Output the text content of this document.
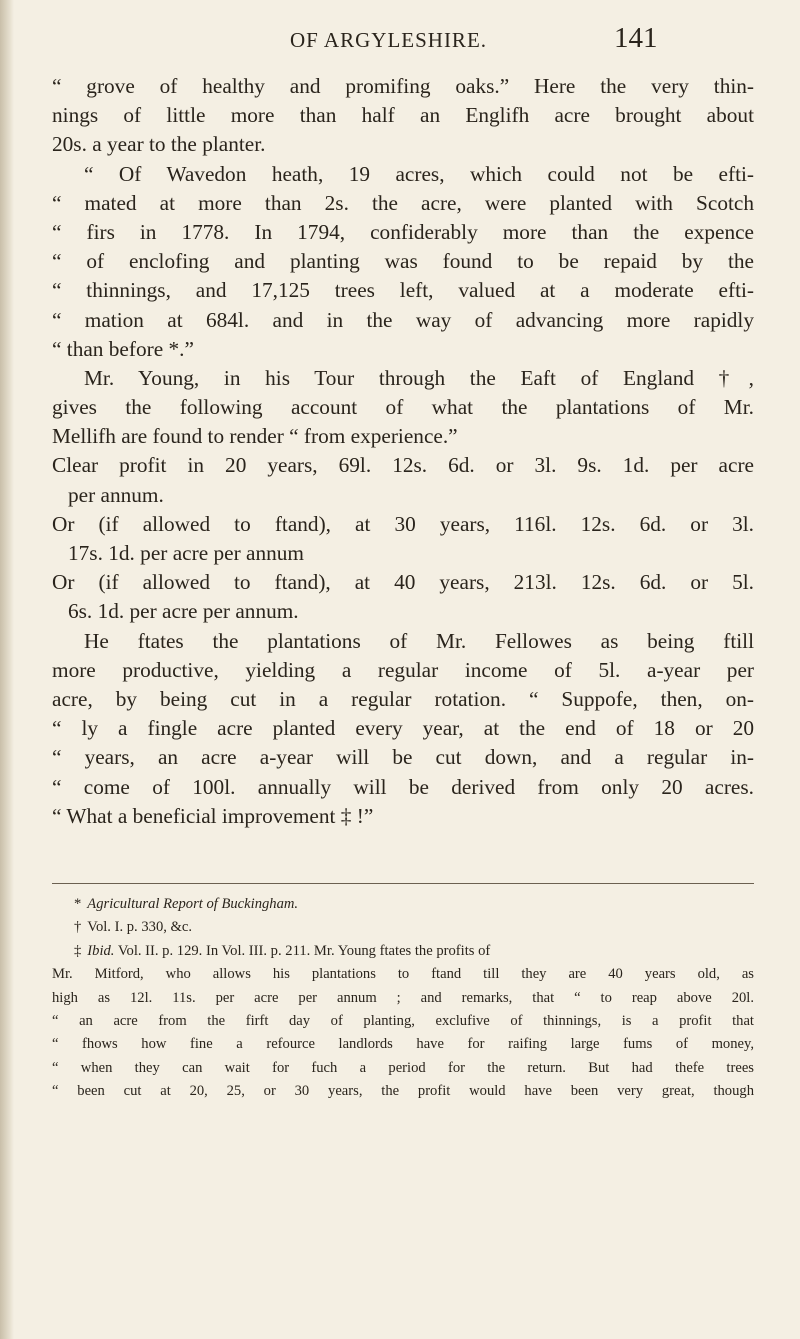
OF ARGYLESHIRE.	141
“ grove of healthy and promifing oaks.” Here the very thin-
nings of little more than half an Englifh acre brought about
20s. a year to the planter.
“ Of Wavedon heath, 19 acres, which could not be efti-
“ mated at more than 2s. the acre, were planted with Scotch
“ firs in 1778. In 1794, confiderably more than the expence
“ of enclofing and planting was found to be repaid by the
“ thinnings, and 17,125 trees left, valued at a moderate efti-
“ mation at 684l. and in the way of advancing more rapidly
“ than before *.”
Mr. Young, in his Tour through the Eaft of England †,
gives the following account of what the plantations of Mr.
Mellifh are found to render “ from experience.”
Clear profit in 20 years, 69l. 12s. 6d. or 3l. 9s. 1d. per acre
per annum.
Or (if allowed to ftand), at 30 years, 116l. 12s. 6d. or 3l.
17s. 1d. per acre per annum
Or (if allowed to ftand), at 40 years, 213l. 12s. 6d. or 5l.
6s. 1d. per acre per annum.
He ftates the plantations of Mr. Fellowes as being ftill
more productive, yielding a regular income of 5l. a-year per
acre, by being cut in a regular rotation. “ Suppofe, then, on-
“ ly a fingle acre planted every year, at the end of 18 or 20
“ years, an acre a-year will be cut down, and a regular in-
“ come of 100l. annually will be derived from only 20 acres.
“ What a beneficial improvement ‡ !”
* Agricultural Report of Buckingham.
† Vol. I. p. 330, &c.
‡ Ibid. Vol. II. p. 129. In Vol. III. p. 211. Mr. Young ftates the profits of
Mr. Mitford, who allows his plantations to ftand till they are 40 years old, as
high as 12l. 11s. per acre per annum ; and remarks, that “ to reap above 20l.
“ an acre from the firft day of planting, exclufive of thinnings, is a profit that
“ fhows how fine a refource landlords have for raifing large fums of money,
“ when they can wait for fuch a period for the return. But had thefe trees
“ been cut at 20, 25, or 30 years, the profit would have been very great, though
